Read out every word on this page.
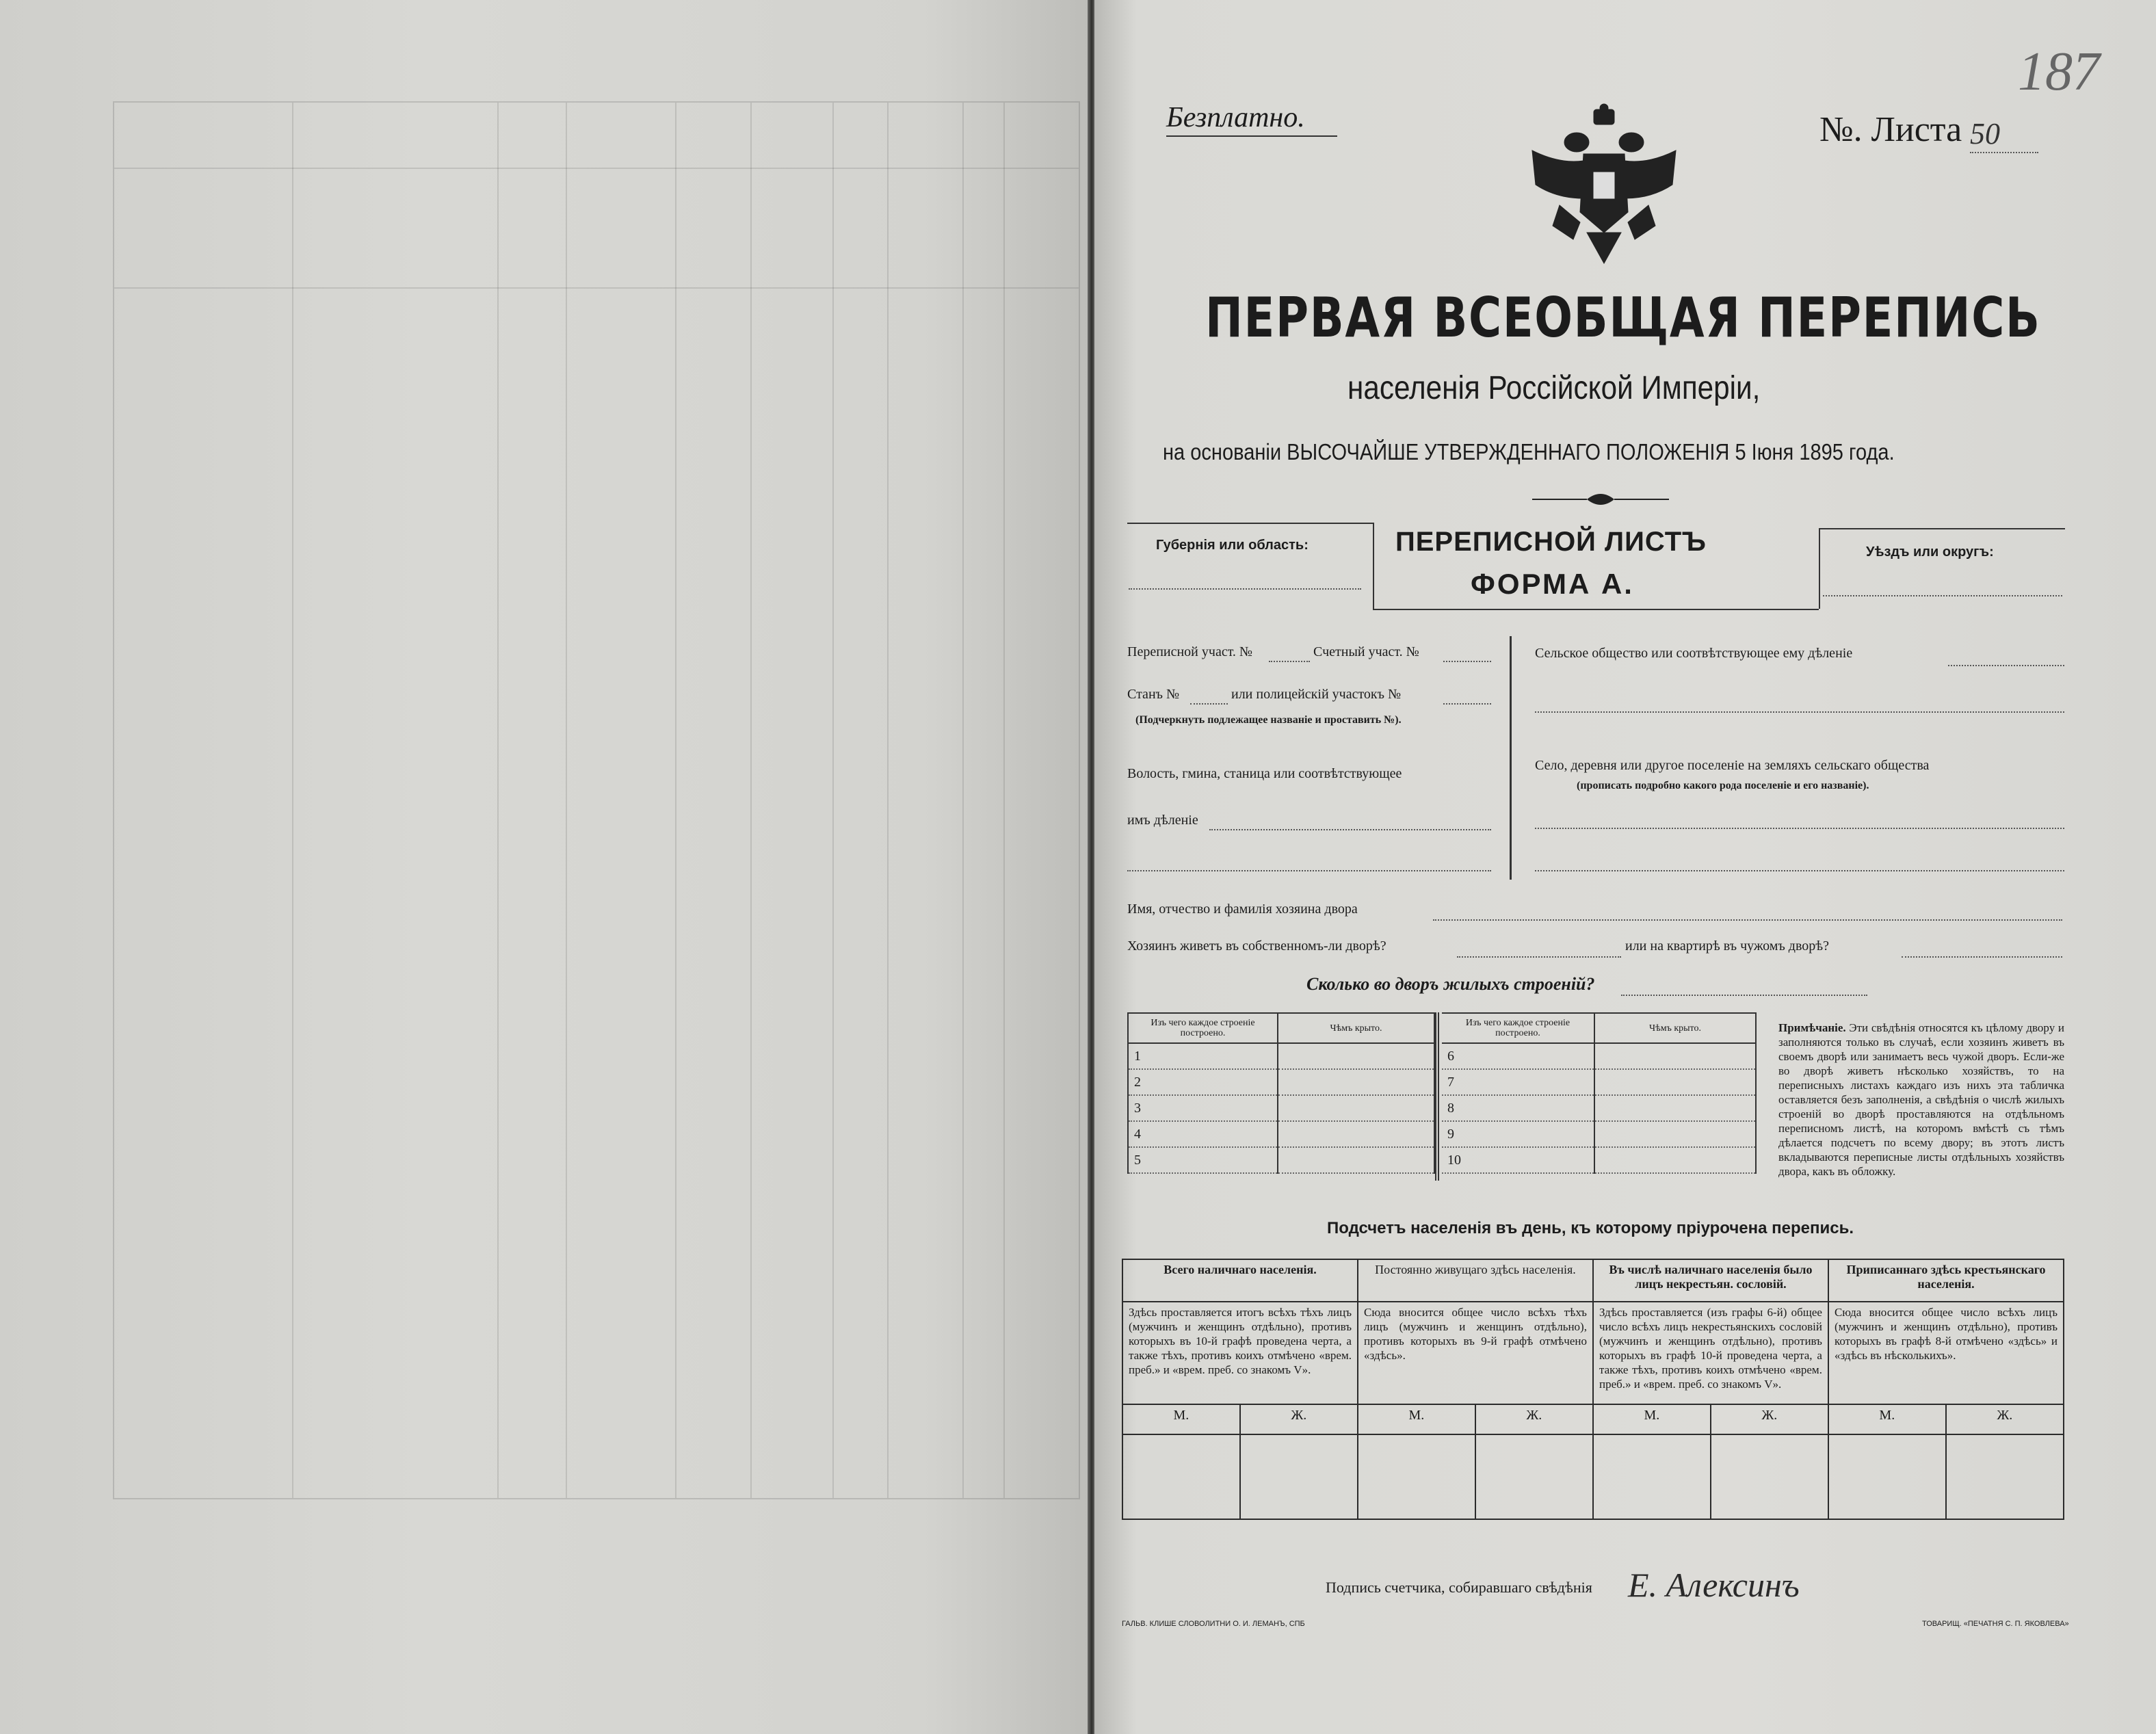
Безплатно.	№. Листа 50
187
ПЕРВАЯ ВСЕОБЩАЯ ПЕРЕПИСЬ
населенія Россійской Имперіи,
на основаніи ВЫСОЧАЙШЕ УТВЕРЖДЕННАГО ПОЛОЖЕНІЯ 5 Іюня 1895 года.
Губернія или область:	ПЕРЕПИСНОЙ ЛИСТЪ
ФОРМА А.
Уѣздъ или округъ:
Переписной участ. №	Счетный участ. №
Станъ №	или полицейскій участокъ №
(Подчеркнуть подлежащее названіе и проставить №).
Волость, гмина, станица или соотвѣтствующее
имъ дѣленіе
Сельское общество или соотвѣтствующее ему дѣленіе
Село, деревня или другое поселеніе на земляхъ сельскаго общества
(прописать подробно какого рода поселеніе и его названіе).
Имя, отчество и фамилія хозяина двора
Хозяинъ живетъ въ собственномъ-ли дворѣ?	или на квартирѣ въ чужомъ дворѣ?
Сколько во дворъ жилыхъ строеній?
Изъ чего каждое строеніе построено.	Чѣмъ крыто.
1	
2	
3	
4	
5	
Изъ чего каждое строеніе построено.	Чѣмъ крыто.
6	
7	
8	
9	
10	
Примѣчаніе. Эти свѣдѣнія относятся къ цѣлому двору и заполняются только въ случаѣ, если хозяинъ живетъ въ своемъ дворѣ или занимаетъ весь чужой дворъ. Если-же во дворѣ живетъ нѣсколько хозяйствъ, то на переписныхъ листахъ каждаго изъ нихъ эта табличка оставляется безъ заполненія, а свѣдѣнія о числѣ жилыхъ строеній во дворѣ проставляются на отдѣльномъ переписномъ листѣ, на которомъ вмѣстѣ съ тѣмъ дѣлается подсчетъ по всему двору; въ этотъ листъ вкладываются переписные листы отдѣльныхъ хозяйствъ двора, какъ въ обложку.
Подсчетъ населенія въ день, къ которому пріурочена перепись.
Всего наличнаго населенія.		Постоянно живущаго здѣсь населенія.		Въ числѣ наличнаго населенія было лицъ некрестьян. сословій.		Приписаннаго здѣсь крестьянскаго населенія.	
Здѣсь проставляется итогъ всѣхъ тѣхъ лицъ (мужчинъ и женщинъ отдѣльно), противъ которыхъ въ 10-й графѣ проведена черта, а также тѣхъ, противъ коихъ отмѣчено «врем. преб.» и «врем. преб. со знакомъ V».		Сюда вносится общее число всѣхъ тѣхъ лицъ (мужчинъ и женщинъ отдѣльно), противъ которыхъ въ 9-й графѣ отмѣчено «здѣсь».		Здѣсь проставляется (изъ графы 6-й) общее число всѣхъ лицъ некрестьянскихъ сословій (мужчинъ и женщинъ отдѣльно), противъ которыхъ въ графѣ 10-й проведена черта, а также тѣхъ, противъ коихъ отмѣчено «врем. преб.» и «врем. преб. со знакомъ V».		Сюда вносится общее число всѣхъ лицъ (мужчинъ и женщинъ отдѣльно), противъ которыхъ въ графѣ 8-й отмѣчено «здѣсь» и «здѣсь въ нѣсколькихъ».	
М.	Ж.	М.	Ж.	М.	Ж.	М.	Ж.

Подпись счетчика, собиравшаго свѣдѣнія Е. Алексинъ
ГАЛЬВ. КЛИШЕ СЛОВОЛИТНИ О. И. ЛЕМАНЪ, СПБ	ТОВАРИЩ. «ПЕЧАТНЯ С. П. ЯКОВЛЕВА»
